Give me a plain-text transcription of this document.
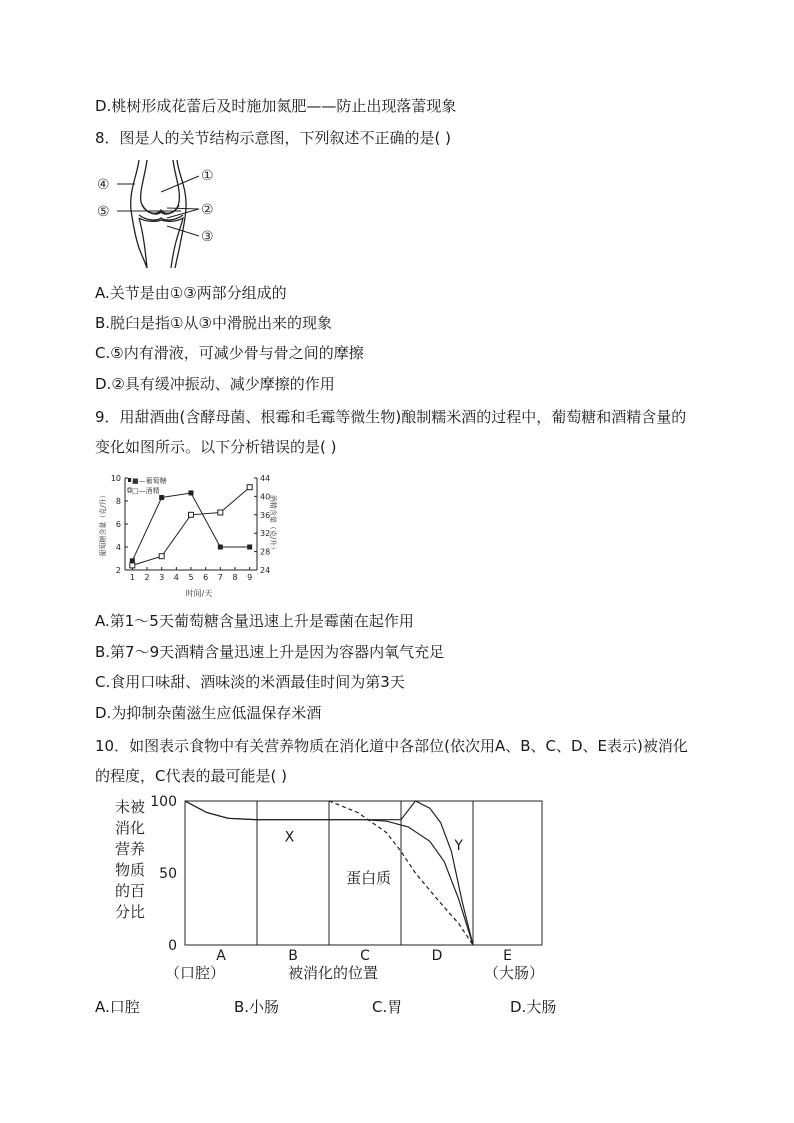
D.桃树形成花蕾后及时施加氮肥——防止出现落蕾现象

8．图是人的关节结构示意图，下列叙述不正确的是( )

④
⑤
①
②
③

A.关节是由①③两部分组成的

B.脱臼是指①从③中滑脱出来的现象

C.⑤内有滑液，可减少骨与骨之间的摩擦

D.②具有缓冲振动、减少摩擦的作用

9．用甜酒曲(含酵母菌、根霉和毛霉等微生物)酿制糯米酒的过程中，葡萄糖和酒精含量的变化如图所示。以下分析错误的是( )

葡萄糖含量（克/升）	酒精含量（克/升）
时间/天
■—葡萄糖
□—酒精
2
4
6
8
10
24
28
32
36
40
44
1 2 3 4 5 6 7 8 9

A.第1～5天葡萄糖含量迅速上升是霉菌在起作用

B.第7～9天酒精含量迅速上升是因为容器内氧气充足

C.食用口味甜、酒味淡的米酒最佳时间为第3天

D.为抑制杂菌滋生应低温保存米酒

10．如图表示食物中有关营养物质在消化道中各部位(依次用A、B、C、D、E表示)被消化的程度，C代表的最可能是( )

未被
消化
营养
物质
的百
分比
被消化的位置
（口腔）	（大肠）
0
50
100
A	B	C	D	E
X
Y
蛋白质
A.口腔	B.小肠	C.胃	D.大肠
